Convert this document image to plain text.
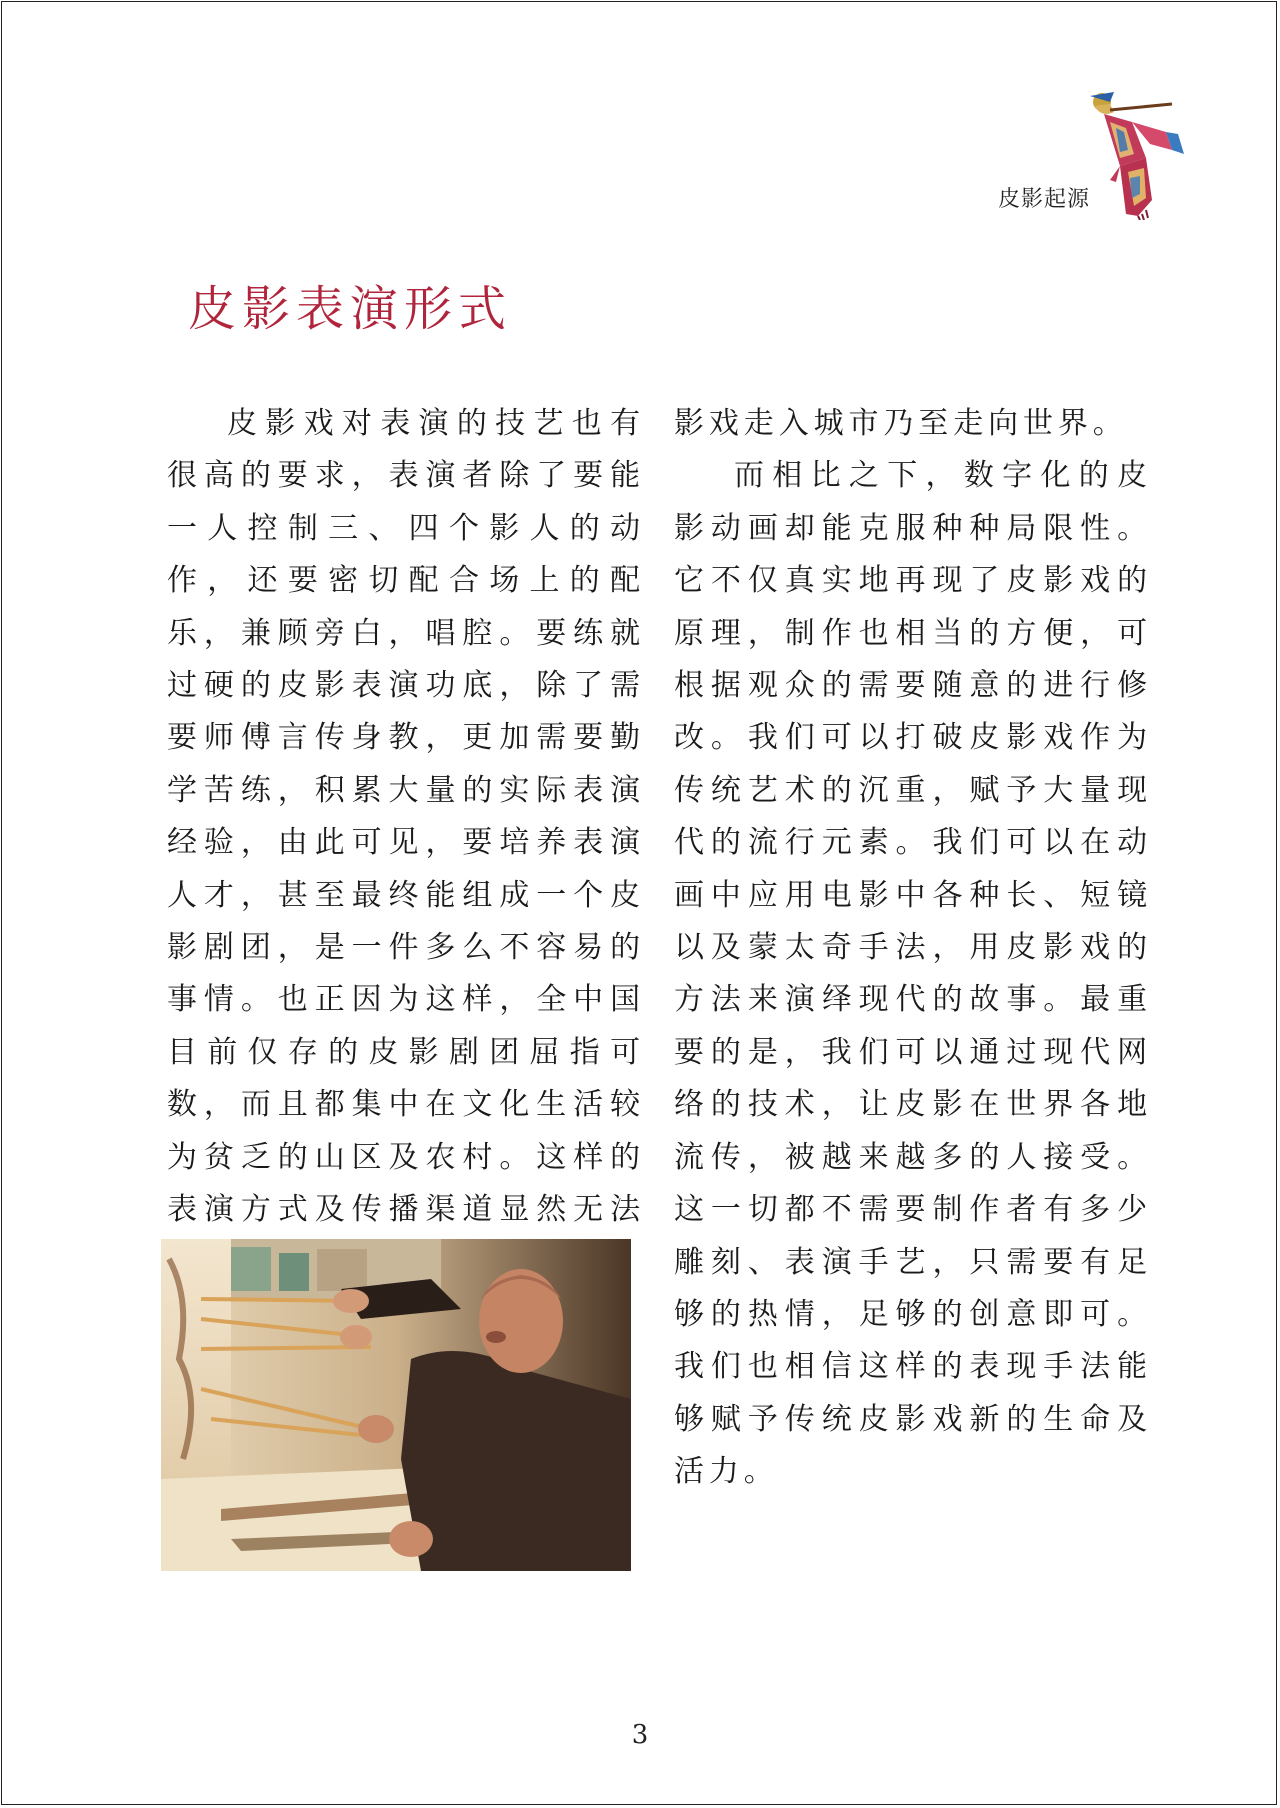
皮影起源
皮影表演形式

皮影戏对表演的技艺也有很高的要求，表演者除了要能一人控制三、四个影人的动作，还要密切配合场上的配乐，兼顾旁白，唱腔。要练就过硬的皮影表演功底，除了需要师傅言传身教，更加需要勤学苦练，积累大量的实际表演经验，由此可见，要培养表演人才，甚至最终能组成一个皮影剧团，是一件多么不容易的事情。也正因为这样，全中国目前仅存的皮影剧团屈指可数，而且都集中在文化生活较为贫乏的山区及农村。这样的表演方式及传播渠道显然无法

影戏走入城市乃至走向世界。

而相比之下，数字化的皮影动画却能克服种种局限性。它不仅真实地再现了皮影戏的原理，制作也相当的方便，可根据观众的需要随意的进行修改。我们可以打破皮影戏作为传统艺术的沉重，赋予大量现代的流行元素。我们可以在动画中应用电影中各种长、短镜以及蒙太奇手法，用皮影戏的方法来演绎现代的故事。最重要的是，我们可以通过现代网络的技术，让皮影在世界各地流传，被越来越多的人接受。这一切都不需要制作者有多少雕刻、表演手艺，只需要有足够的热情，足够的创意即可。我们也相信这样的表现手法能够赋予传统皮影戏新的生命及活力。

3
